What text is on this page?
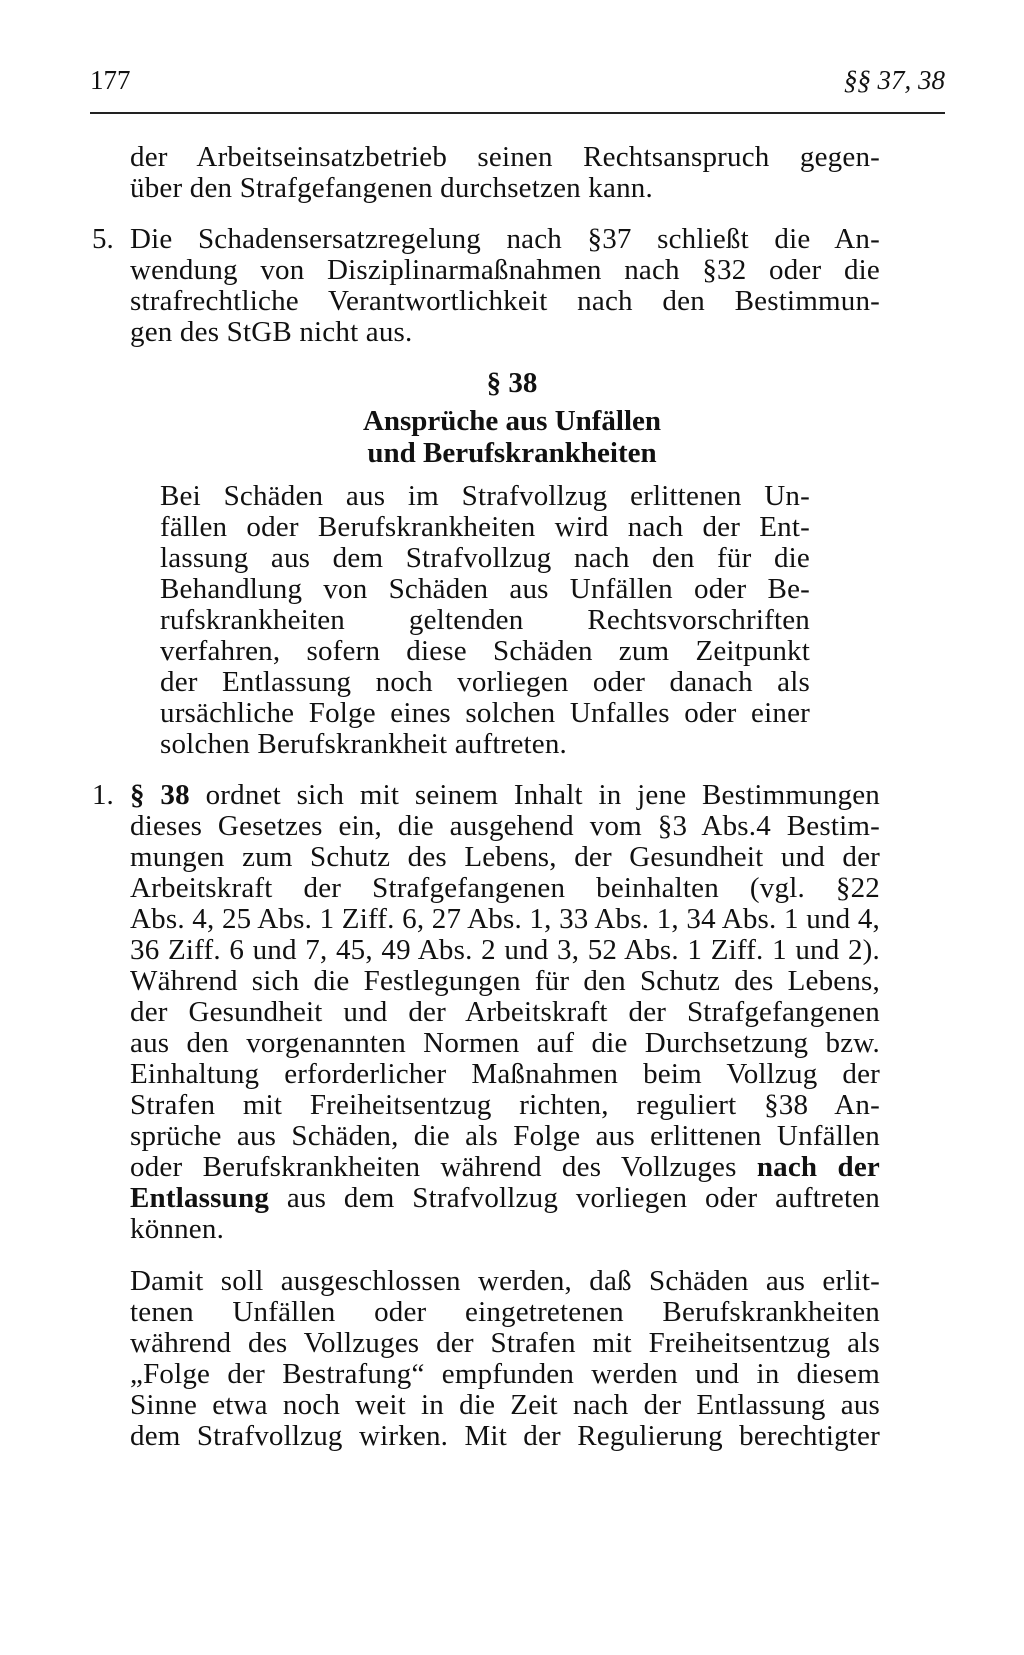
177	§§ 37, 38
der Arbeitseinsatzbetrieb seinen Rechtsanspruch gegen-
über den Strafgefangenen durchsetzen kann.
5. Die Schadensersatzregelung nach §37 schließt die An-
wendung von Disziplinarmaßnahmen nach §32 oder die
strafrechtliche Verantwortlichkeit nach den Bestimmun-
gen des StGB nicht aus.
§ 38
Ansprüche aus Unfällen
und Berufskrankheiten
Bei Schäden aus im Strafvollzug erlittenen Un-
fällen oder Berufskrankheiten wird nach der Ent-
lassung aus dem Strafvollzug nach den für die
Behandlung von Schäden aus Unfällen oder Be-
rufskrankheiten geltenden Rechtsvorschriften
verfahren, sofern diese Schäden zum Zeitpunkt
der Entlassung noch vorliegen oder danach als
ursächliche Folge eines solchen Unfalles oder einer
solchen Berufskrankheit auftreten.
1. § 38 ordnet sich mit seinem Inhalt in jene Bestimmungen
dieses Gesetzes ein, die ausgehend vom §3 Abs.4 Bestim-
mungen zum Schutz des Lebens, der Gesundheit und der
Arbeitskraft der Strafgefangenen beinhalten (vgl. §22
Abs. 4, 25 Abs. 1 Ziff. 6, 27 Abs. 1, 33 Abs. 1, 34 Abs. 1 und 4,
36 Ziff. 6 und 7, 45, 49 Abs. 2 und 3, 52 Abs. 1 Ziff. 1 und 2).
Während sich die Festlegungen für den Schutz des Lebens,
der Gesundheit und der Arbeitskraft der Strafgefangenen
aus den vorgenannten Normen auf die Durchsetzung bzw.
Einhaltung erforderlicher Maßnahmen beim Vollzug der
Strafen mit Freiheitsentzug richten, reguliert §38 An-
sprüche aus Schäden, die als Folge aus erlittenen Unfällen
oder Berufskrankheiten während des Vollzuges nach der
Entlassung aus dem Strafvollzug vorliegen oder auftreten
können.
Damit soll ausgeschlossen werden, daß Schäden aus erlit-
tenen Unfällen oder eingetretenen Berufskrankheiten
während des Vollzuges der Strafen mit Freiheitsentzug als
„Folge der Bestrafung“ empfunden werden und in diesem
Sinne etwa noch weit in die Zeit nach der Entlassung aus
dem Strafvollzug wirken. Mit der Regulierung berechtigter
